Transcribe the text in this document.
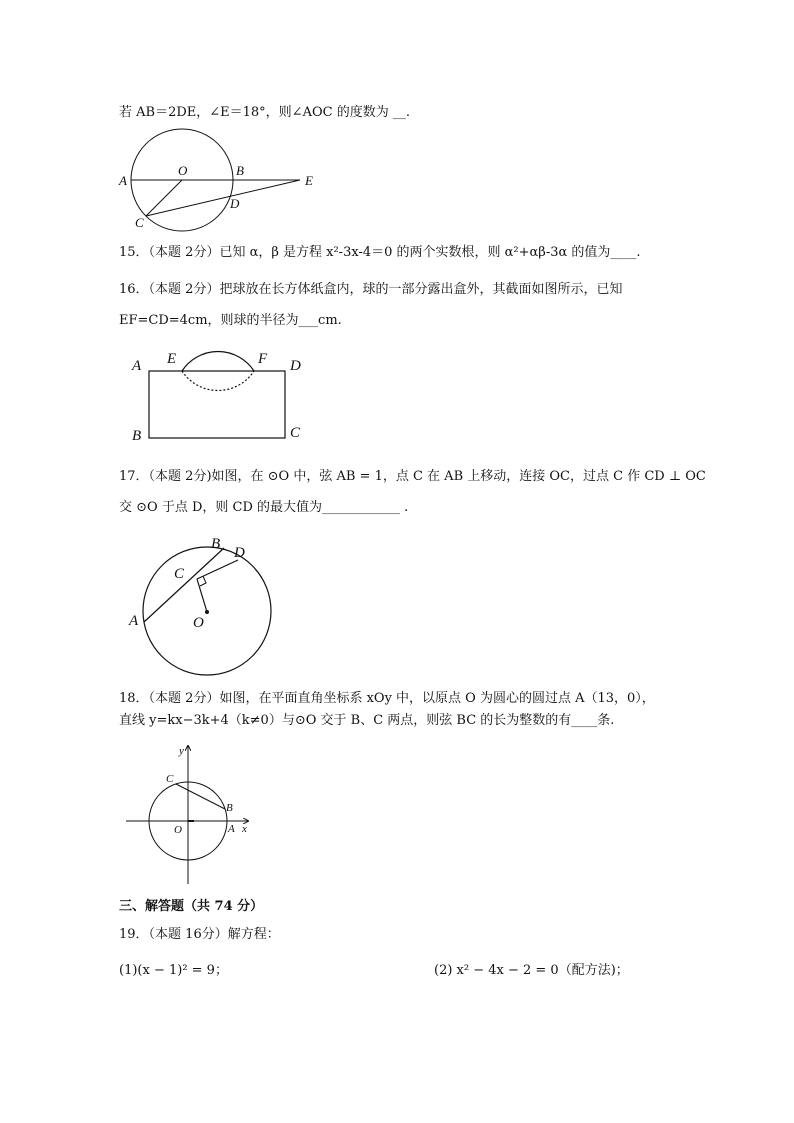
若 AB＝2DE，∠E＝18°，则∠AOC 的度数为 __.
A
O	B
E
C
D
15．（本题 2分）已知 α，β 是方程 x²-3x-4＝0 的两个实数根，则 α²+αβ-3α 的值为____.
16．（本题 2分）把球放在长方体纸盒内，球的一部分露出盒外，其截面如图所示，已知
EF=CD=4cm，则球的半径为___cm.
A E	F D
B	C
17．（本题 2分)如图，在 ⊙O 中，弦 AB = 1，点 C 在 AB 上移动，连接 OC，过点 C 作 CD ⊥ OC
交 ⊙O 于点 D，则 CD 的最大值为____________ .
B
D
C
A	O
18．（本题 2分）如图，在平面直角坐标系 xOy 中，以原点 O 为圆心的圆过点 A（13，0），
直线 y=kx−3k+4（k≠0）与⊙O 交于 B、C 两点，则弦 BC 的长为整数的有____条.
y
C
B
O	A x
三、解答题（共 74 分）
19．（本题 16分）解方程：
(1)(x − 1)² = 9；	(2) x² − 4x − 2 = 0（配方法)；
